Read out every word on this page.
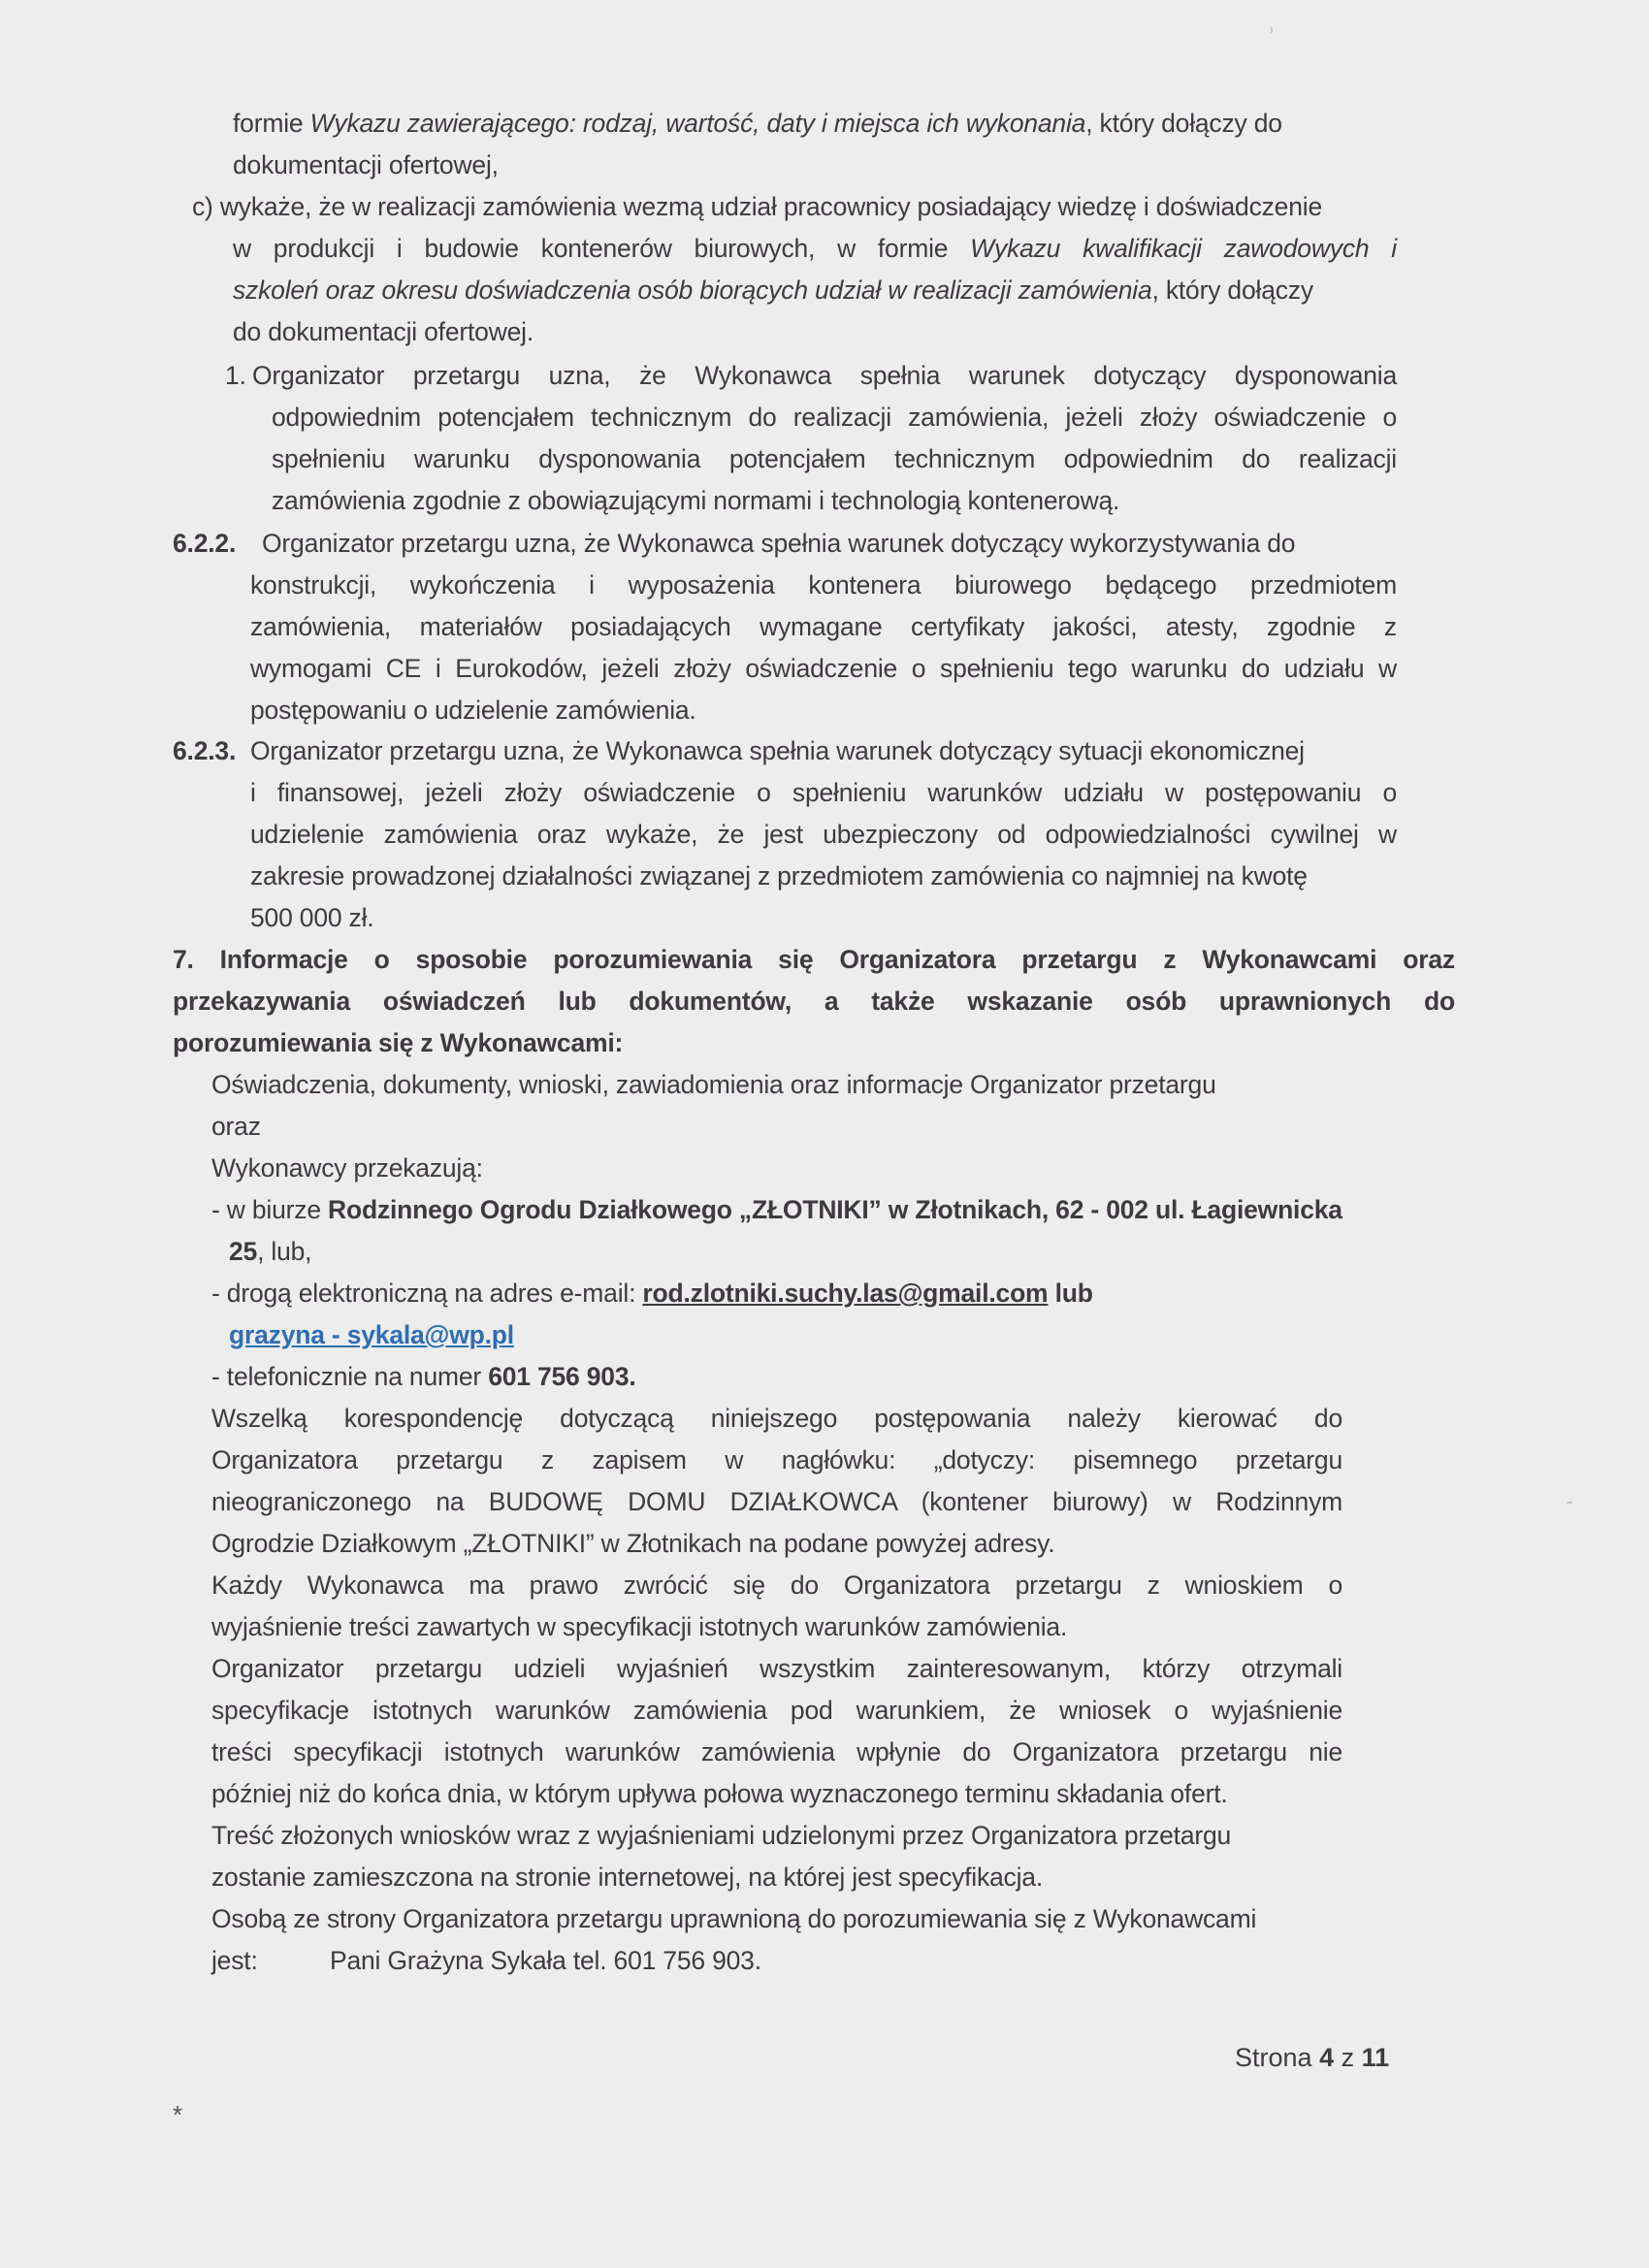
formie Wykazu zawierającego: rodzaj, wartość, daty i miejsca ich wykonania, który dołączy do
dokumentacji ofertowej,
c) wykaże, że w realizacji zamówienia wezmą udział pracownicy posiadający wiedzę i doświadczenie
w produkcji i budowie kontenerów biurowych, w formie Wykazu kwalifikacji zawodowych i
szkoleń oraz okresu doświadczenia osób biorących udział w realizacji zamówienia, który dołączy
do dokumentacji ofertowej.
1. Organizator przetargu uzna, że Wykonawca spełnia warunek dotyczący dysponowania
odpowiednim potencjałem technicznym do realizacji zamówienia, jeżeli złoży oświadczenie o
spełnieniu warunku dysponowania potencjałem technicznym odpowiednim do realizacji
zamówienia zgodnie z obowiązującymi normami i technologią kontenerową.
6.2.2. Organizator przetargu uzna, że Wykonawca spełnia warunek dotyczący wykorzystywania do
konstrukcji, wykończenia i wyposażenia kontenera biurowego będącego przedmiotem
zamówienia, materiałów posiadających wymagane certyfikaty jakości, atesty, zgodnie z
wymogami CE i Eurokodów, jeżeli złoży oświadczenie o spełnieniu tego warunku do udziału w
postępowaniu o udzielenie zamówienia.
6.2.3. Organizator przetargu uzna, że Wykonawca spełnia warunek dotyczący sytuacji ekonomicznej
i finansowej, jeżeli złoży oświadczenie o spełnieniu warunków udziału w postępowaniu o
udzielenie zamówienia oraz wykaże, że jest ubezpieczony od odpowiedzialności cywilnej w
zakresie prowadzonej działalności związanej z przedmiotem zamówienia co najmniej na kwotę
500 000 zł.
7. Informacje o sposobie porozumiewania się Organizatora przetargu z Wykonawcami oraz
przekazywania oświadczeń lub dokumentów, a także wskazanie osób uprawnionych do
porozumiewania się z Wykonawcami:
Oświadczenia, dokumenty, wnioski, zawiadomienia oraz informacje Organizator przetargu
oraz
Wykonawcy przekazują:
- w biurze Rodzinnego Ogrodu Działkowego „ZŁOTNIKI” w Złotnikach, 62 - 002 ul. Łagiewnicka
25, lub,
- drogą elektroniczną na adres e-mail: rod.zlotniki.suchy.las@gmail.com lub
grazyna - sykala@wp.pl
- telefonicznie na numer 601 756 903.
Wszelką korespondencję dotyczącą niniejszego postępowania należy kierować do
Organizatora przetargu z zapisem w nagłówku: „dotyczy: pisemnego przetargu
nieograniczonego na BUDOWĘ DOMU DZIAŁKOWCA (kontener biurowy) w Rodzinnym
Ogrodzie Działkowym „ZŁOTNIKI” w Złotnikach na podane powyżej adresy.
Każdy Wykonawca ma prawo zwrócić się do Organizatora przetargu z wnioskiem o
wyjaśnienie treści zawartych w specyfikacji istotnych warunków zamówienia.
Organizator przetargu udzieli wyjaśnień wszystkim zainteresowanym, którzy otrzymali
specyfikacje istotnych warunków zamówienia pod warunkiem, że wniosek o wyjaśnienie
treści specyfikacji istotnych warunków zamówienia wpłynie do Organizatora przetargu nie
później niż do końca dnia, w którym upływa połowa wyznaczonego terminu składania ofert.
Treść złożonych wniosków wraz z wyjaśnieniami udzielonymi przez Organizatora przetargu
zostanie zamieszczona na stronie internetowej, na której jest specyfikacja.
Osobą ze strony Organizatora przetargu uprawnioną do porozumiewania się z Wykonawcami
jest:	Pani Grażyna Sykała tel. 601 756 903.
Strona 4 z 11
*
